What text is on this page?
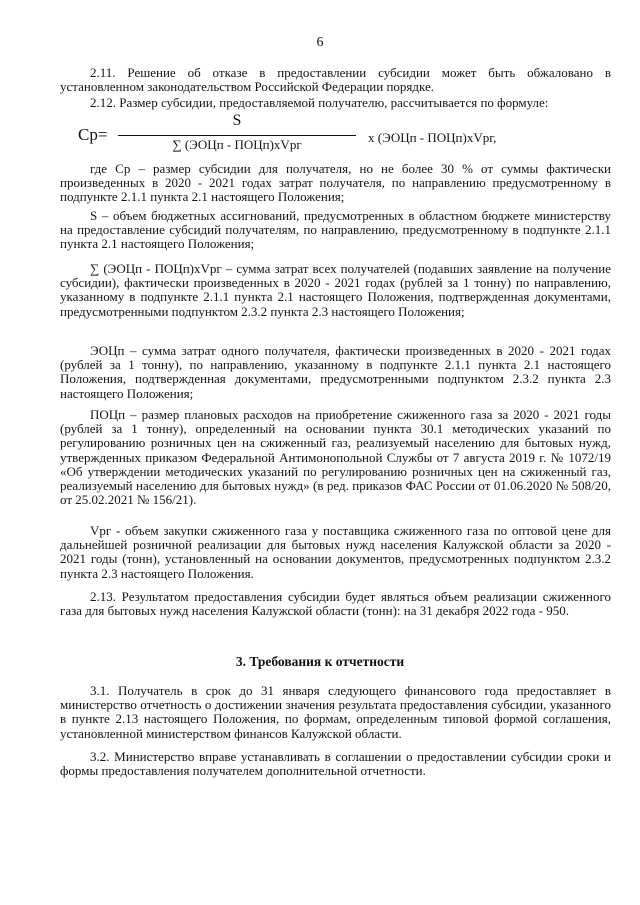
6

2.11. Решение об отказе в предоставлении субсидии может быть обжаловано в установленном законодательством Российской Федерации порядке.

2.12. Размер субсидии, предоставляемой получателю, рассчитывается по формуле:

Cр=
S
∑ (ЭОЦп - ПОЦп)xVрг	x (ЭОЦп - ПОЦп)xVрг,

где Cр – размер субсидии для получателя, но не более 30 % от суммы фактически произведенных в 2020 - 2021 годах затрат получателя, по направлению предусмотренному в подпункте 2.1.1 пункта 2.1 настоящего Положения;

S – объем бюджетных ассигнований, предусмотренных в областном бюджете министерству на предоставление субсидий получателям, по направлению, предусмотренному в подпункте 2.1.1 пункта 2.1 настоящего Положения;

∑ (ЭОЦп - ПОЦп)xVрг – сумма затрат всех получателей (подавших заявление на получение субсидии), фактически произведенных в 2020 - 2021 годах (рублей за 1 тонну) по направлению, указанному в подпункте 2.1.1 пункта 2.1 настоящего Положения, подтвержденная документами, предусмотренными подпунктом 2.3.2 пункта 2.3 настоящего Положения;

ЭОЦп – сумма затрат одного получателя, фактически произведенных в 2020 - 2021 годах (рублей за 1 тонну), по направлению, указанному в подпункте 2.1.1 пункта 2.1 настоящего Положения, подтвержденная документами, предусмотренными подпунктом 2.3.2 пункта 2.3 настоящего Положения;

ПОЦп – размер плановых расходов на приобретение сжиженного газа за 2020 - 2021 годы (рублей за 1 тонну), определенный на основании пункта 30.1 методических указаний по регулированию розничных цен на сжиженный газ, реализуемый населению для бытовых нужд, утвержденных приказом Федеральной Антимонопольной Службы от 7 августа 2019 г. № 1072/19 «Об утверждении методических указаний по регулированию розничных цен на сжиженный газ, реализуемый населению для бытовых нужд» (в ред. приказов ФАС России от 01.06.2020 № 508/20, от 25.02.2021 № 156/21).

Vрг - объем закупки сжиженного газа у поставщика сжиженного газа по оптовой цене для дальнейшей розничной реализации для бытовых нужд населения Калужской области за 2020 - 2021 годы (тонн), установленный на основании документов, предусмотренных подпунктом 2.3.2 пункта 2.3 настоящего Положения.

2.13. Результатом предоставления субсидии будет являться объем реализации сжиженного газа для бытовых нужд населения Калужской области (тонн): на 31 декабря 2022 года - 950.

3. Требования к отчетности

3.1. Получатель в срок до 31 января следующего финансового года предоставляет в министерство отчетность о достижении значения результата предоставления субсидии, указанного в пункте 2.13 настоящего Положения, по формам, определенным типовой формой соглашения, установленной министерством финансов Калужской области.

3.2. Министерство вправе устанавливать в соглашении о предоставлении субсидии сроки и формы предоставления получателем дополнительной отчетности.
